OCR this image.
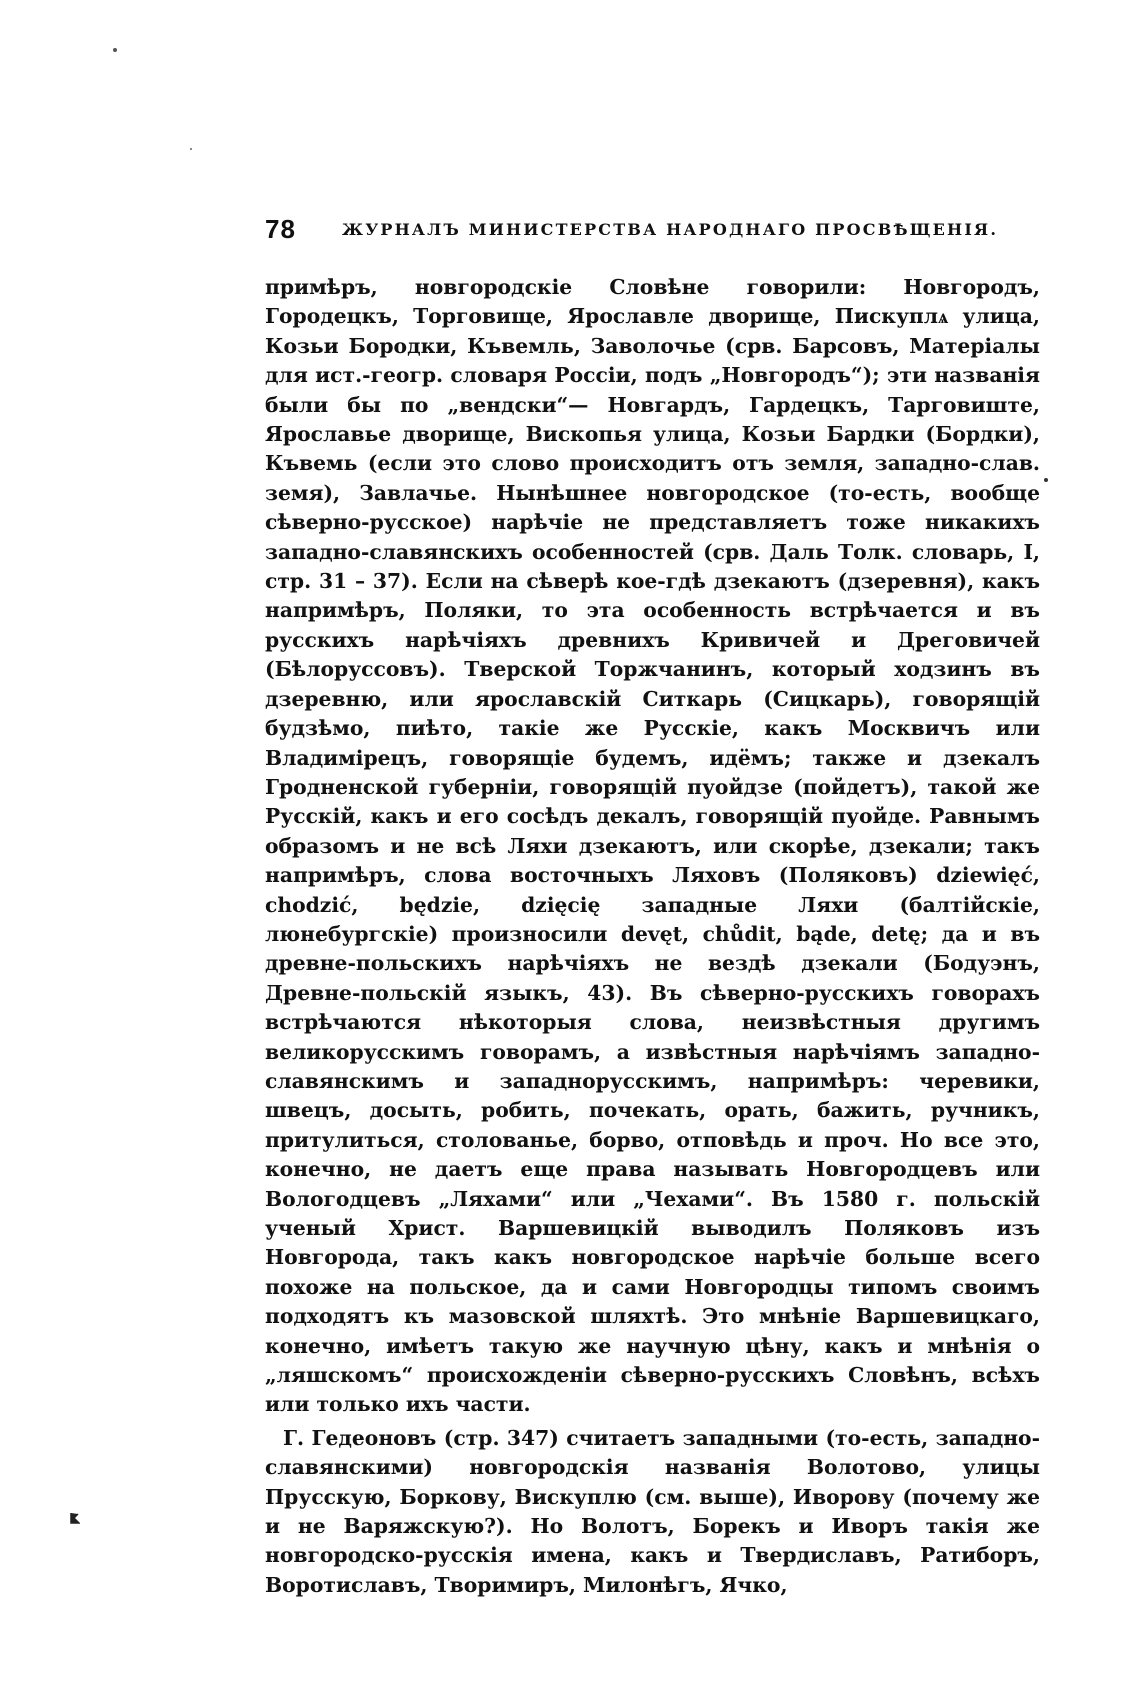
78	ЖУРНАЛЪ МИНИСТЕРСТВА НАРОДНАГО ПРОСВѢЩЕНІЯ.

примѣръ, новгородскіе Словѣне говорили: Новгородъ, Городецкъ, Торговище, Ярославле дворище, Пискуплѧ улица, Козьи Бородки, Къвемль, Заволочье (срв. Барсовъ, Матеріалы для ист.-геогр. словаря Россіи, подъ „Новгородъ“); эти названія были бы по „вендски“— Новгардъ, Гардецкъ, Тарговиште, Ярославье дворище, Вископья улица, Козьи Бардки (Бордки), Къвемь (если это слово происходитъ отъ земля, западно-слав. земя), Завлачье. Нынѣшнее новгородское (то-есть, вообще сѣверно-русское) нарѣчіе не представляетъ тоже никакихъ западно-славянскихъ особенностей (срв. Даль Толк. словарь, I, стр. 31 – 37). Если на сѣверѣ кое-гдѣ дзекаютъ (дзеревня), какъ напримѣръ, Поляки, то эта особенность встрѣчается и въ русскихъ нарѣчіяхъ древнихъ Кривичей и Дреговичей (Бѣлоруссовъ). Тверской Торжчанинъ, который ходзинъ въ дзеревню, или ярославскій Ситкарь (Сицкарь), говорящій будзѣмо, пиѣто, такіе же Русскіе, какъ Москвичъ или Владимірецъ, говорящіе будемъ, идёмъ; также и дзекалъ Гродненской губерніи, говорящій пуойдзе (пойдетъ), такой же Русскій, какъ и его сосѣдъ декалъ, говорящій пуойде. Равнымъ образомъ и не всѣ Ляхи дзекаютъ, или скорѣе, дзекали; такъ напримѣръ, слова восточныхъ Ляховъ (Поляковъ) dziewięć, chodzić, będzie, dzięcię западные Ляхи (балтійскіе, люнебургскіе) произносили devęt, chůdit, bąde, detę; да и въ древне-польскихъ нарѣчіяхъ не вездѣ дзекали (Бодуэнъ, Древне-польскій языкъ, 43). Въ сѣверно-русскихъ говорахъ встрѣчаются нѣкоторыя слова, неизвѣстныя другимъ великорусскимъ говорамъ, а извѣстныя нарѣчіямъ западно-славянскимъ и западнорусскимъ, напримѣръ: черевики, швецъ, досыть, робить, почекать, орать, бажить, ручникъ, притулиться, столованье, борво, отповѣдь и проч. Но все это, конечно, не даетъ еще права называть Новгородцевъ или Вологодцевъ „Ляхами“ или „Чехами“. Въ 1580 г. польскій ученый Христ. Варшевицкій выводилъ Поляковъ изъ Новгорода, такъ какъ новгородское нарѣчіе больше всего похоже на польское, да и сами Новгородцы типомъ своимъ подходятъ къ мазовской шляхтѣ. Это мнѣніе Варшевицкаго, конечно, имѣетъ такую же научную цѣну, какъ и мнѣнія о „ляшскомъ“ происхожденіи сѣверно-русскихъ Словѣнъ, всѣхъ или только ихъ части.

Г. Гедеоновъ (стр. 347) считаетъ западными (то-есть, западно-славянскими) новгородскія названія Волотово, улицы Прусскую, Боркову, Вискуплю (см. выше), Иворову (почему же и не Варяжскую?). Но Волотъ, Борекъ и Иворъ такія же новгородско-русскія имена, какъ и Твердиславъ, Ратиборъ, Воротиславъ, Творимиръ, Милонѣгъ, Ячко,
